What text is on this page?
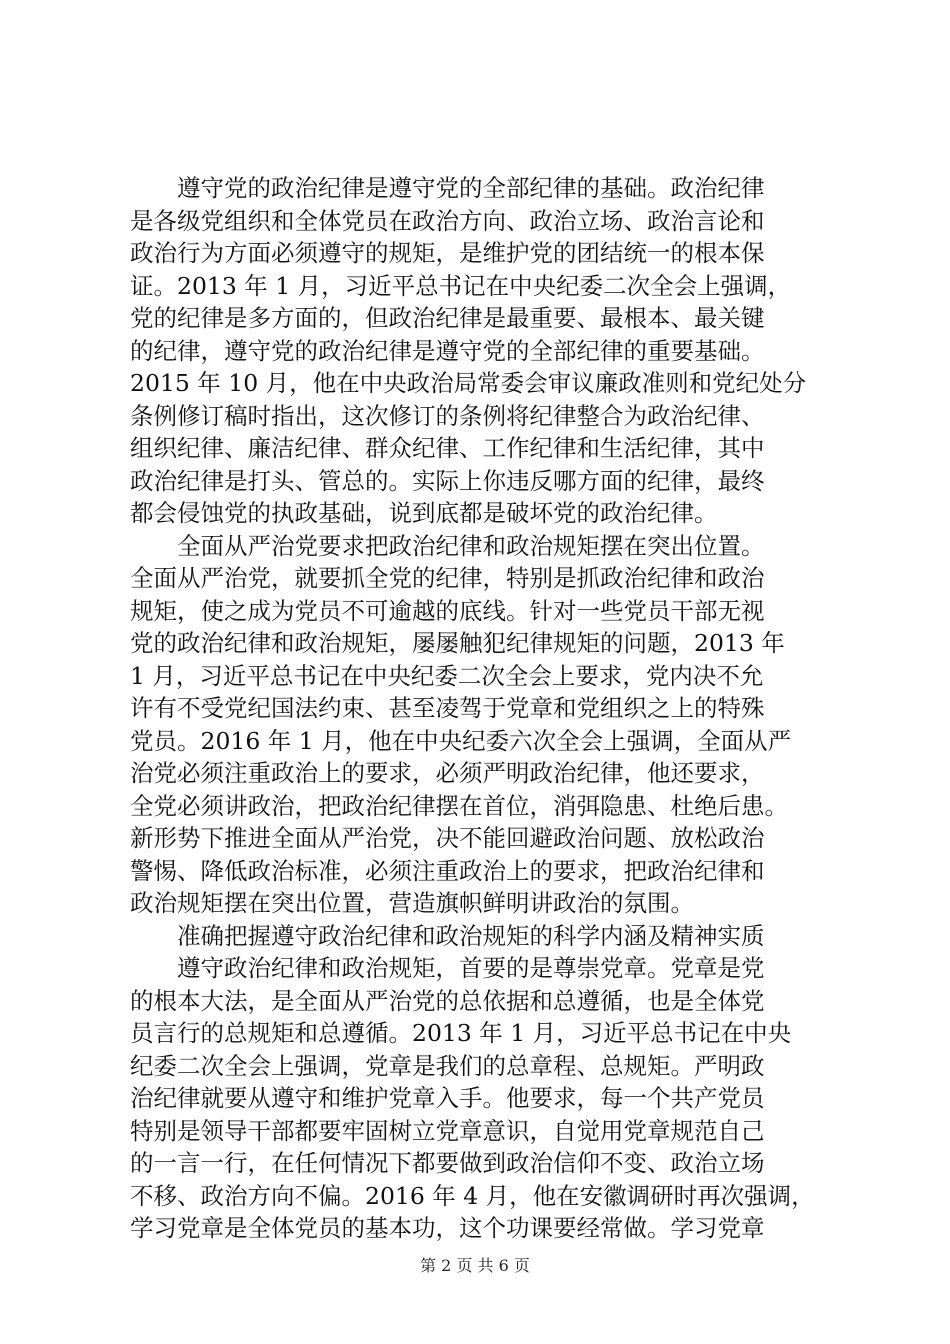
　　遵守党的政治纪律是遵守党的全部纪律的基础。政治纪律
是各级党组织和全体党员在政治方向、政治立场、政治言论和
政治行为方面必须遵守的规矩，是维护党的团结统一的根本保
证。2013 年 1 月，习近平总书记在中央纪委二次全会上强调，
党的纪律是多方面的，但政治纪律是最重要、最根本、最关键
的纪律，遵守党的政治纪律是遵守党的全部纪律的重要基础。
2015 年 10 月，他在中央政治局常委会审议廉政准则和党纪处分
条例修订稿时指出，这次修订的条例将纪律整合为政治纪律、
组织纪律、廉洁纪律、群众纪律、工作纪律和生活纪律，其中
政治纪律是打头、管总的。实际上你违反哪方面的纪律，最终
都会侵蚀党的执政基础，说到底都是破坏党的政治纪律。
　　全面从严治党要求把政治纪律和政治规矩摆在突出位置。
全面从严治党，就要抓全党的纪律，特别是抓政治纪律和政治
规矩，使之成为党员不可逾越的底线。针对一些党员干部无视
党的政治纪律和政治规矩，屡屡触犯纪律规矩的问题，2013 年
1 月，习近平总书记在中央纪委二次全会上要求，党内决不允
许有不受党纪国法约束、甚至凌驾于党章和党组织之上的特殊
党员。2016 年 1 月，他在中央纪委六次全会上强调，全面从严
治党必须注重政治上的要求，必须严明政治纪律，他还要求，
全党必须讲政治，把政治纪律摆在首位，消弭隐患、杜绝后患。
新形势下推进全面从严治党，决不能回避政治问题、放松政治
警惕、降低政治标准，必须注重政治上的要求，把政治纪律和
政治规矩摆在突出位置，营造旗帜鲜明讲政治的氛围。
　　准确把握遵守政治纪律和政治规矩的科学内涵及精神实质
　　遵守政治纪律和政治规矩，首要的是尊崇党章。党章是党
的根本大法，是全面从严治党的总依据和总遵循，也是全体党
员言行的总规矩和总遵循。2013 年 1 月，习近平总书记在中央
纪委二次全会上强调，党章是我们的总章程、总规矩。严明政
治纪律就要从遵守和维护党章入手。他要求，每一个共产党员
特别是领导干部都要牢固树立党章意识，自觉用党章规范自己
的一言一行，在任何情况下都要做到政治信仰不变、政治立场
不移、政治方向不偏。2016 年 4 月，他在安徽调研时再次强调，
学习党章是全体党员的基本功，这个功课要经常做。学习党章
第 2 页 共 6 页
